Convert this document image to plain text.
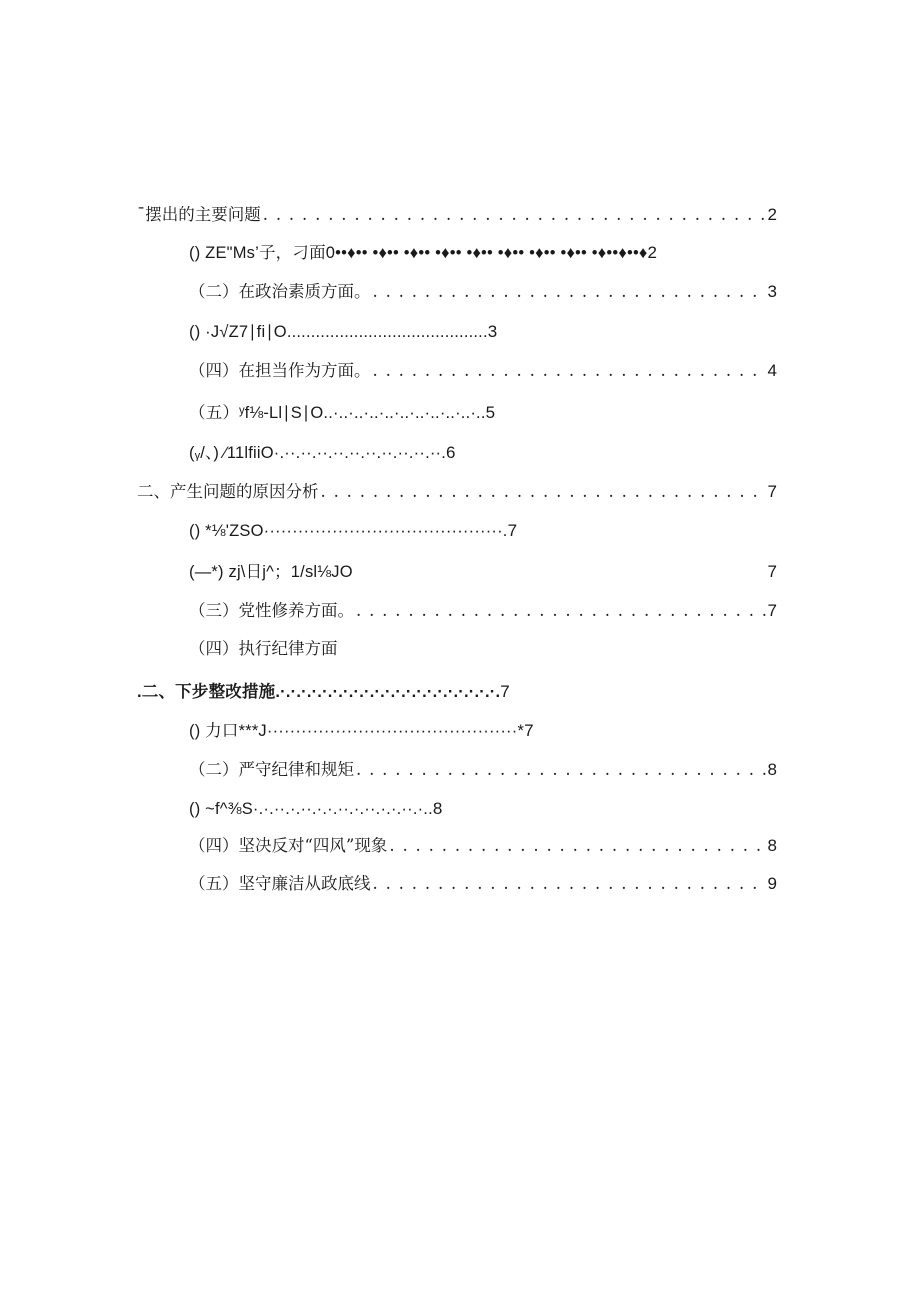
ˉ摆出的主要问题 . . .	2
() ZE"Ms’子，刁面0••♦•• •♦•• •♦•• •♦•• •♦•• •♦•• •♦•• •♦•• •♦••♦••♦ 2
（二）在政治素质方面。 . . .	3
() ·J√Z7∣fi∣O.......................................... 3
（四）在担当作为方面。 . . .	4
（五）ʸf⅛-Ll∣S∣O..·..·..·..·..·..·..·..·..·..·.. 5
(ᵧ/、) ∕11lfiiO·.··.··.··.··.··.··.··.··.··.··. 6
二、产生问题的原因分析 . . .	7
() *⅛'ZSO··········································. 7
(—*) zj\日j^；1/sl⅛JO	7
（三）党性修养方面。 . . .	7
（四）执行纪律方面
.二、下步整改措施.·.·.·.·.·.·.·.·.·.·.·.·.·.·.·.·.·.·.·.·.·. 7
() 力口***J············································* 7
（二）严守纪律和规矩 . . .	8
() ~f^⅜S·.·.··.·.··.·.·.··.·.··.·.·.··.·.. 8
（四）坚决反对“四风”现象 . . .	8
（五）坚守廉洁从政底线 . . .	9
